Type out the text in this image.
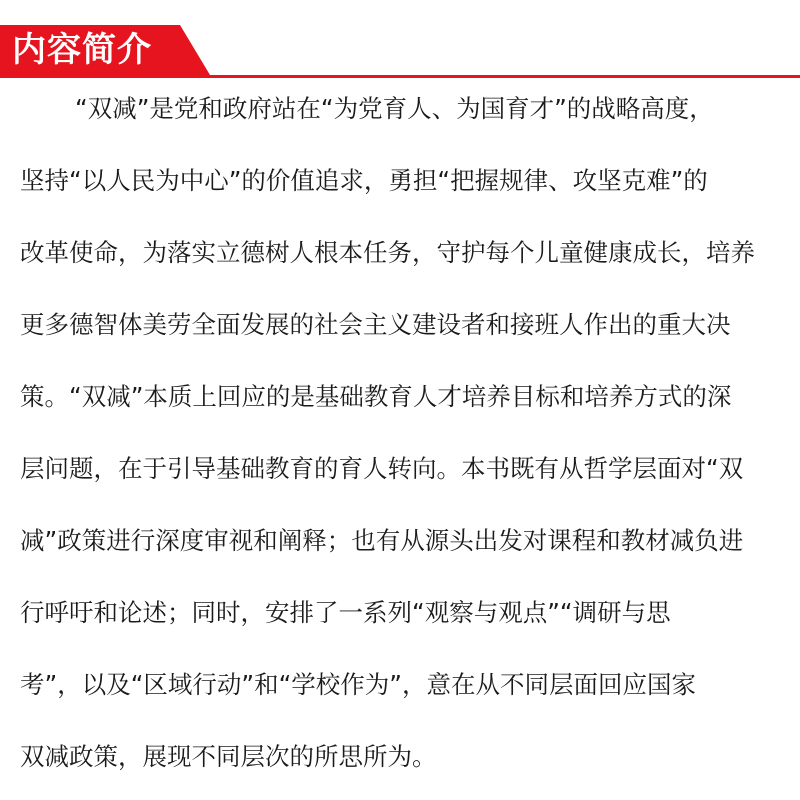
内容简介
“双减”是党和政府站在“为党育人、为国育才”的战略高度，
坚持“以人民为中心”的价值追求，勇担“把握规律、攻坚克难”的
改革使命，为落实立德树人根本任务，守护每个儿童健康成长，培养
更多德智体美劳全面发展的社会主义建设者和接班人作出的重大决
策。“双减”本质上回应的是基础教育人才培养目标和培养方式的深
层问题，在于引导基础教育的育人转向。本书既有从哲学层面对“双
减”政策进行深度审视和阐释；也有从源头出发对课程和教材减负进
行呼吁和论述；同时，安排了一系列“观察与观点”“调研与思
考”，以及“区域行动”和“学校作为”，意在从不同层面回应国家
双减政策，展现不同层次的所思所为。
